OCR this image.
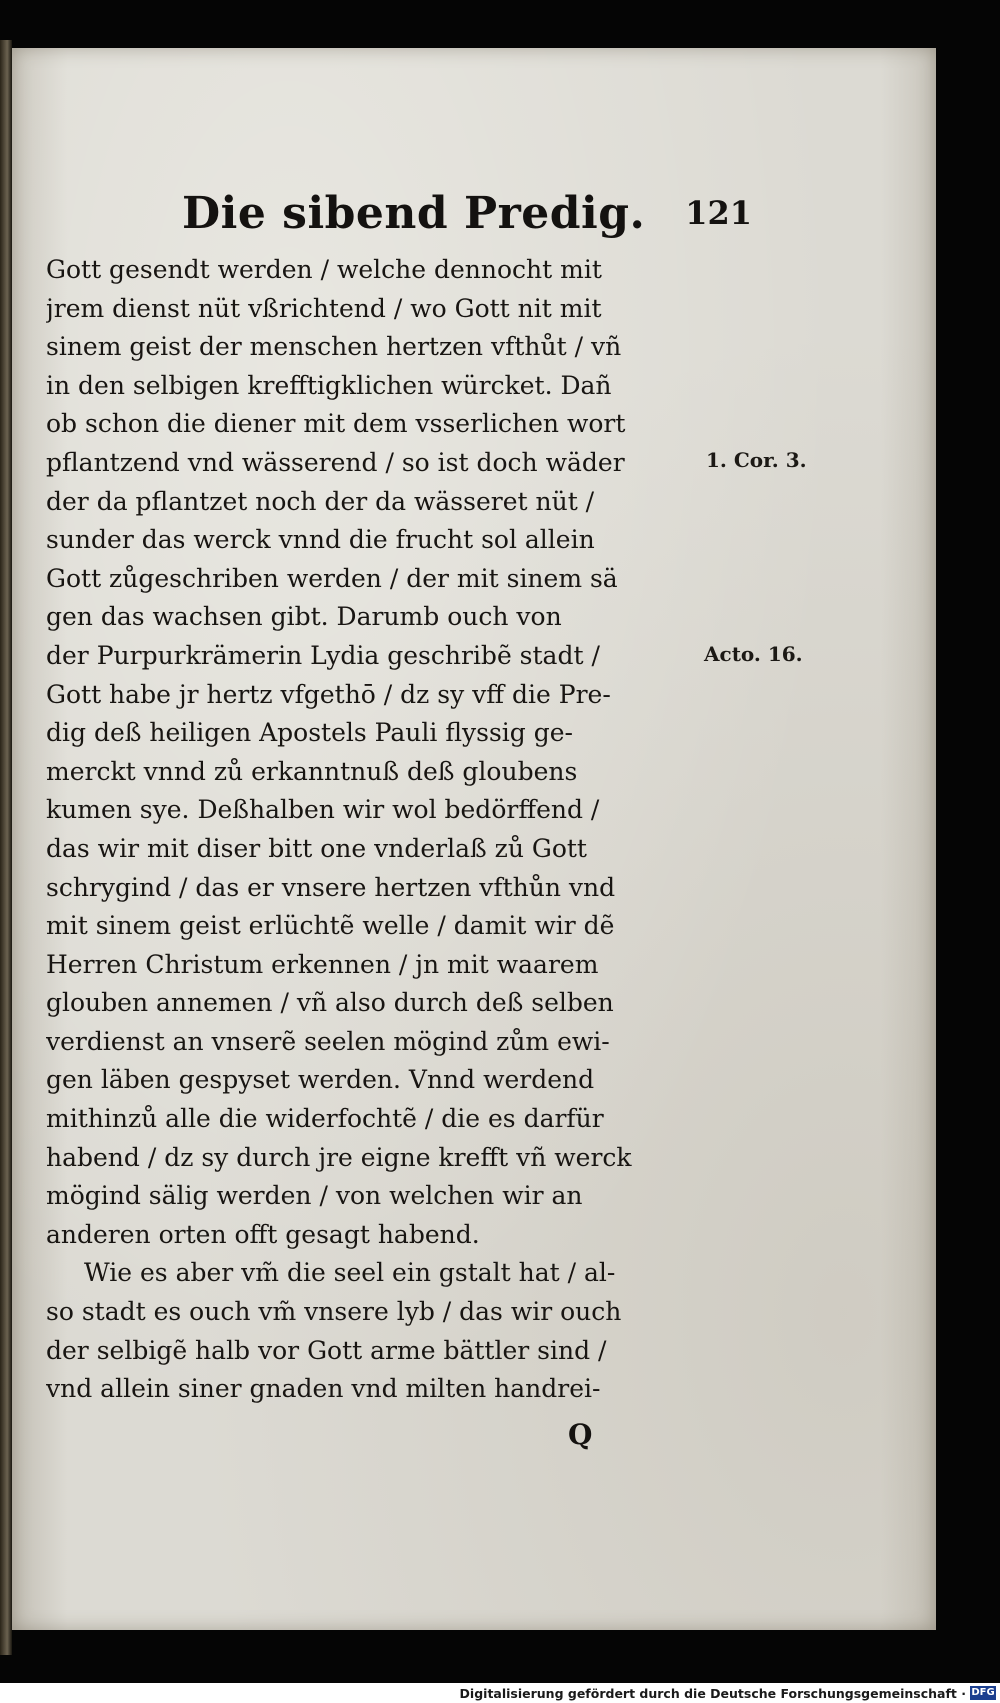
Die sibend Predig. 121
Gott gesendt werden / welche dennocht mit
jrem dienst nüt vßrichtend / wo Gott nit mit
sinem geist der menschen hertzen vfthůt / vñ
in den selbigen krefftigklichen würcket. Dañ
ob schon die diener mit dem vsserlichen wort
pflantzend vnd wässerend / so ist doch wäder
der da pflantzet noch der da wässeret nüt /
sunder das werck vnnd die frucht sol allein
Gott zůgeschriben werden / der mit sinem sä
gen das wachsen gibt. Darumb ouch von
der Purpurkrämerin Lydia geschribẽ stadt /
Gott habe jr hertz vfgethō / dz sy vff die Pre-
dig deß heiligen Apostels Pauli flyssig ge-
merckt vnnd zů erkanntnuß deß gloubens
kumen sye. Deßhalben wir wol bedörffend /
das wir mit diser bitt one vnderlaß zů Gott
schrygind / das er vnsere hertzen vfthůn vnd
mit sinem geist erlüchtẽ welle / damit wir dẽ
Herren Christum erkennen / jn mit waarem
glouben annemen / vñ also durch deß selben
verdienst an vnserẽ seelen mögind zům ewi-
gen läben gespyset werden. Vnnd werdend
mithinzů alle die widerfochtẽ / die es darfür
habend / dz sy durch jre eigne krefft vñ werck
mögind sälig werden / von welchen wir an
anderen orten offt gesagt habend.
Wie es aber vm̃ die seel ein gstalt hat / al-
so stadt es ouch vm̃ vnsere lyb / das wir ouch
der selbigẽ halb vor Gott arme bättler sind /
vnd allein siner gnaden vnd milten handrei-
1. Cor. 3.
Acto. 16.
Q
Digitalisierung gefördert durch die Deutsche Forschungsgemeinschaft · DFG
